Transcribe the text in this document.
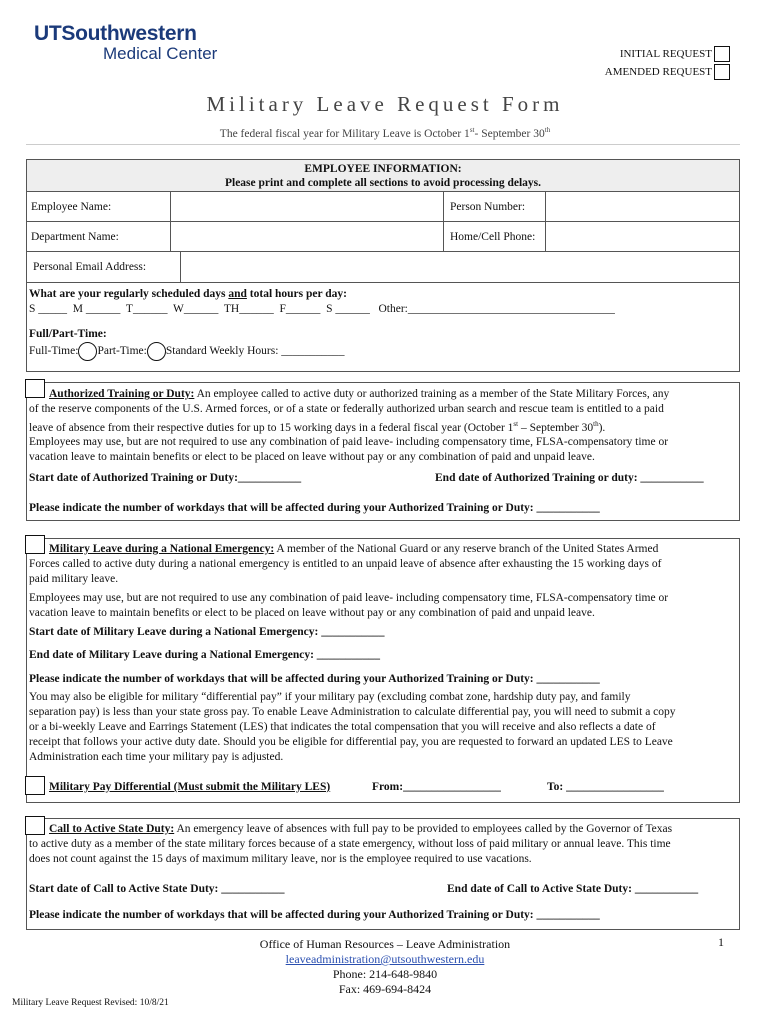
UTSouthwestern
Medical Center	INITIAL REQUEST
AMENDED REQUEST
Military Leave Request Form
The federal fiscal year for Military Leave is October 1st- September 30th
EMPLOYEE INFORMATION:
Please print and complete all sections to avoid processing delays.
Employee Name:	Person Number:
Department Name:	Home/Cell Phone:
Personal Email Address:
What are your regularly scheduled days and total hours per day:
S _____  M ______  T______  W______  TH______  F______  S ______   Other:____________________________________
Full/Part-Time:
Full-Time: Part-Time: Standard Weekly Hours: ___________
Authorized Training or Duty: An employee called to active duty or authorized training as a member of the State Military Forces, any
of the reserve components of the U.S. Armed forces, or of a state or federally authorized urban search and rescue team is entitled to a paid
leave of absence from their respective duties for up to 15 working days in a federal fiscal year (October 1st – September 30th).
Employees may use, but are not required to use any combination of paid leave- including compensatory time, FLSA-compensatory time or
vacation leave to maintain benefits or elect to be placed on leave without pay or any combination of paid and unpaid leave.
Start date of Authorized Training or Duty:___________	End date of Authorized Training or duty: ___________
Please indicate the number of workdays that will be affected during your Authorized Training or Duty: ___________
Military Leave during a National Emergency: A member of the National Guard or any reserve branch of the United States Armed
Forces called to active duty during a national emergency is entitled to an unpaid leave of absence after exhausting the 15 working days of
paid military leave.
Employees may use, but are not required to use any combination of paid leave- including compensatory time, FLSA-compensatory time or
vacation leave to maintain benefits or elect to be placed on leave without pay or any combination of paid and unpaid leave.
Start date of Military Leave during a National Emergency: ___________
End date of Military Leave during a National Emergency: ___________
Please indicate the number of workdays that will be affected during your Authorized Training or Duty: ___________
You may also be eligible for military “differential pay” if your military pay (excluding combat zone, hardship duty pay, and family
separation pay) is less than your state gross pay. To enable Leave Administration to calculate differential pay, you will need to submit a copy
or a bi-weekly Leave and Earrings Statement (LES) that indicates the total compensation that you will receive and also reflects a date of
receipt that follows your active duty date. Should you be eligible for differential pay, you are requested to forward an updated LES to Leave
Administration each time your military pay is adjusted.
Military Pay Differential (Must submit the Military LES)	From:_________________	To: _________________
Call to Active State Duty: An emergency leave of absences with full pay to be provided to employees called by the Governor of Texas
to active duty as a member of the state military forces because of a state emergency, without loss of paid military or annual leave. This time
does not count against the 15 days of maximum military leave, nor is the employee required to use vacations.
Start date of Call to Active State Duty: ___________	End date of Call to Active State Duty: ___________
Please indicate the number of workdays that will be affected during your Authorized Training or Duty: ___________
Office of Human Resources – Leave Administration
leaveadministration@utsouthwestern.edu
Phone: 214-648-9840
Fax: 469-694-8424
1
Military Leave Request Revised: 10/8/21
